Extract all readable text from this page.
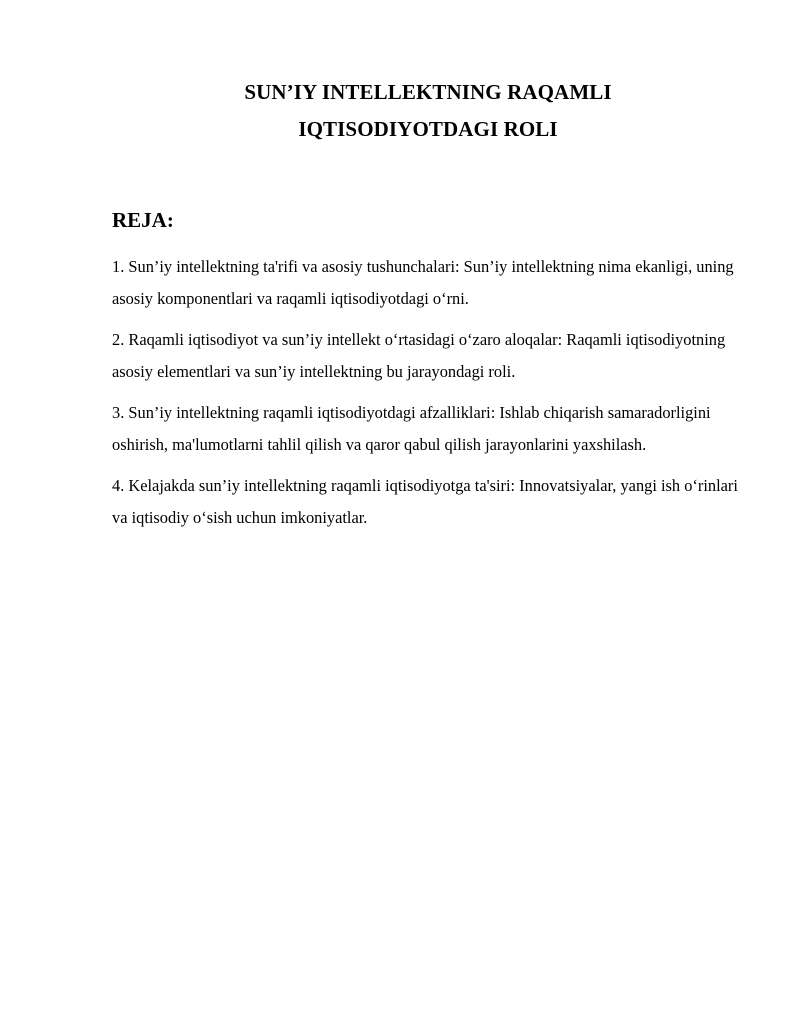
SUN’IY INTELLEKTNING RAQAMLI
IQTISODIYOTDAGI ROLI
REJA:

1. Sun’iy intellektning ta'rifi va asosiy tushunchalari: Sun’iy intellektning nima ekanligi, uning asosiy komponentlari va raqamli iqtisodiyotdagi o‘rni.

2. Raqamli iqtisodiyot va sun’iy intellekt o‘rtasidagi o‘zaro aloqalar: Raqamli iqtisodiyotning asosiy elementlari va sun’iy intellektning bu jarayondagi roli.

3. Sun’iy intellektning raqamli iqtisodiyotdagi afzalliklari: Ishlab chiqarish samaradorligini oshirish, ma'lumotlarni tahlil qilish va qaror qabul qilish jarayonlarini yaxshilash.

4. Kelajakda sun’iy intellektning raqamli iqtisodiyotga ta'siri: Innovatsiyalar, yangi ish o‘rinlari va iqtisodiy o‘sish uchun imkoniyatlar.
